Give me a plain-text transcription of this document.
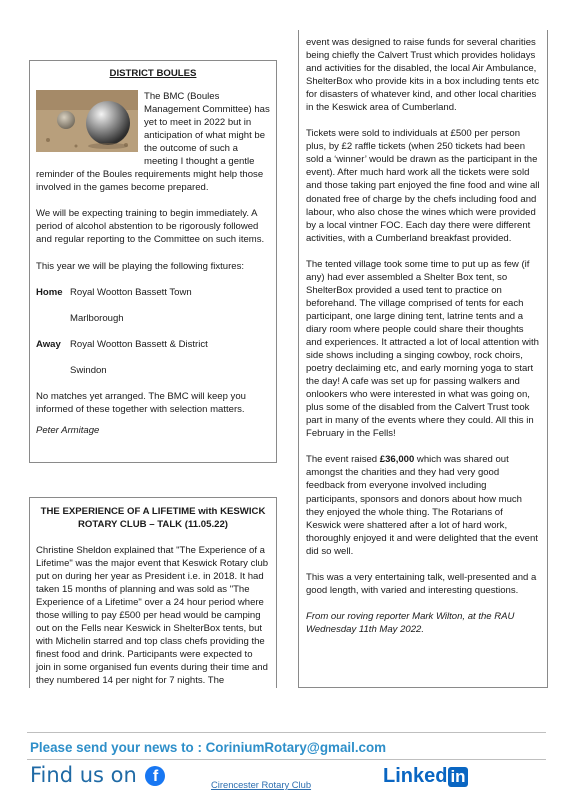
DISTRICT BOULES
The BMC (Boules Management Committee) has yet to meet in 2022 but in anticipation of what might be the outcome of such a meeting I thought a gentle reminder of the Boules requirements might help those involved in the games become prepared.

We will be expecting training to begin immediately. A period of alcohol abstention to be rigorously followed and regular reporting to the Committee on such items.

This year we will be playing the following fixtures:

Home Royal Wootton Bassett Town
Marlborough
Away Royal Wootton Bassett & District
Swindon

No matches yet arranged. The BMC will keep you informed of these together with selection matters.

Peter Armitage

THE EXPERIENCE OF A LIFETIME with KESWICK ROTARY CLUB – TALK (11.05.22)

Christine Sheldon explained that "The Experience of a Lifetime" was the major event that Keswick Rotary club put on during her year as President i.e. in 2018. It had taken 15 months of planning and was sold as "The Experience of a Lifetime" over a 24 hour period where those willing to pay £500 per head would be camping out on the Fells near Keswick in ShelterBox tents, but with Michelin starred and top class chefs providing the finest food and drink. Participants were expected to join in some organised fun events during their time and they numbered 14 per night for 7 nights. The

event was designed to raise funds for several charities being chiefly the Calvert Trust which provides holidays and activities for the disabled, the local Air Ambulance, ShelterBox who provide kits in a box including tents etc for disasters of whatever kind, and other local charities in the Keswick area of Cumberland.

Tickets were sold to individuals at £500 per person plus, by £2 raffle tickets (when 250 tickets had been sold a ‘winner’ would be drawn as the participant in the event). After much hard work all the tickets were sold and those taking part enjoyed the fine food and wine all donated free of charge by the chefs including food and labour, who also chose the wines which were provided by a local vintner FOC. Each day there were different activities, with a Cumberland breakfast provided.

The tented village took some time to put up as few (if any) had ever assembled a Shelter Box tent, so ShelterBox provided a used tent to practice on beforehand. The village comprised of tents for each participant, one large dining tent, latrine tents and a diary room where people could share their thoughts and experiences. It attracted a lot of local attention with side shows including a singing cowboy, rock choirs, poetry declaiming etc, and early morning yoga to start the day! A cafe was set up for passing walkers and onlookers who were interested in what was going on, plus some of the disabled from the Calvert Trust took part in many of the events where they could. All this in February in the Fells!

The event raised £36,000 which was shared out amongst the charities and they had very good feedback from everyone involved including participants, sponsors and donors about how much they enjoyed the whole thing. The Rotarians of Keswick were shattered after a lot of hard work, thoroughly enjoyed it and were delighted that the event did so well.

This was a very entertaining talk, well-presented and a good length, with varied and interesting questions.

From our roving reporter Mark Wilton, at the RAU Wednesday 11th May 2022.

Please send your news to : CoriniumRotary@gmail.com
Find us on f	Cirencester Rotary Club	Linked in
